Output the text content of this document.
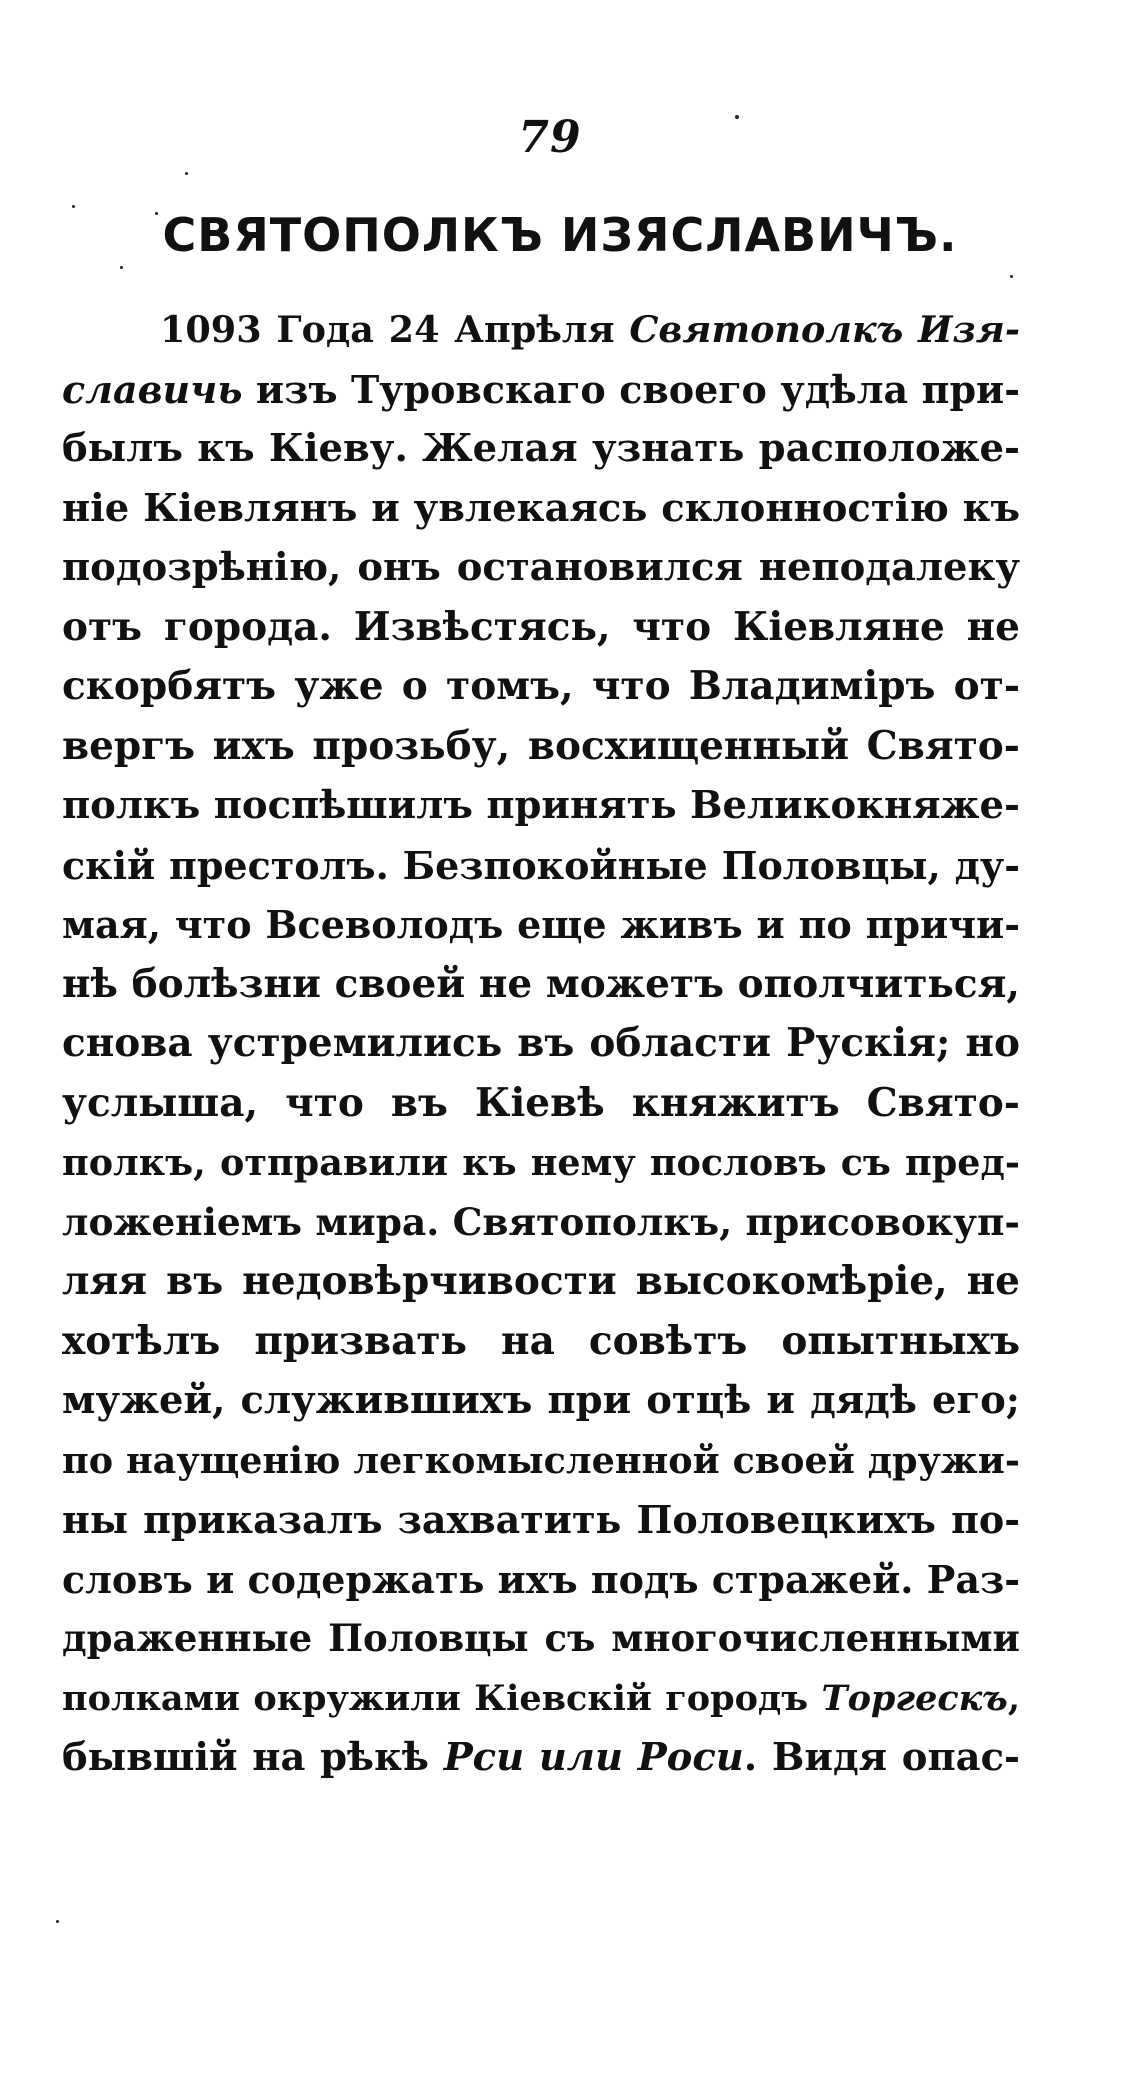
79
СВЯТОПОЛКЪ ИЗЯСЛАВИЧЪ.
1093 Года 24 Апрѣля Святополкъ Изя-
славичь изъ Туровскаго своего удѣла при-
былъ къ Кіеву. Желая узнать расположе-
ніе Кіевлянъ и увлекаясь склонностію къ
подозрѣнію, онъ остановился неподалеку
отъ города. Извѣстясь, что Кіевляне не
скорбятъ уже о томъ, что Владиміръ от-
вергъ ихъ прозьбу, восхищенный Свято-
полкъ поспѣшилъ принять Великокняже-
скій престолъ. Безпокойные Половцы, ду-
мая, что Всеволодъ еще живъ и по причи-
нѣ болѣзни своей не можетъ ополчиться,
снова устремились въ области Рускія; но
услыша, что въ Кіевѣ княжитъ Свято-
полкъ, отправили къ нему пословъ съ пред-
ложеніемъ мира. Святополкъ, присовокуп-
ляя въ недовѣрчивости высокомѣріе, не
хотѣлъ призвать на совѣтъ опытныхъ
мужей, служившихъ при отцѣ и дядѣ его;
по наущенію легкомысленной своей дружи-
ны приказалъ захватить Половецкихъ по-
словъ и содержать ихъ подъ стражей. Раз-
драженные Половцы съ многочисленными
полками окружили Кіевскій городъ Торгескъ,
бывшій на рѣкѣ Рси или Роси. Видя опас-
